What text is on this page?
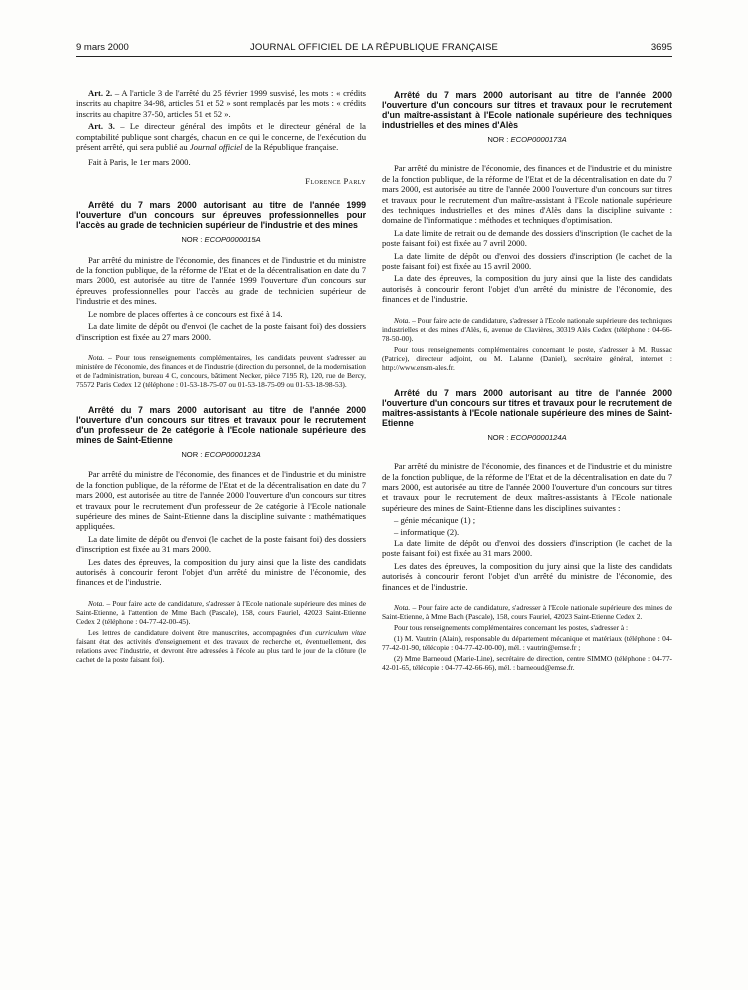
9 mars 2000	JOURNAL OFFICIEL DE LA RÉPUBLIQUE FRANÇAISE	3695

Art. 2. – A l'article 3 de l'arrêté du 25 février 1999 susvisé, les mots : « crédits inscrits au chapitre 34-98, articles 51 et 52 » sont remplacés par les mots : « crédits inscrits au chapitre 37-50, articles 51 et 52 ».

Art. 3. – Le directeur général des impôts et le directeur général de la comptabilité publique sont chargés, chacun en ce qui le concerne, de l'exécution du présent arrêté, qui sera publié au Journal officiel de la République française.

Fait à Paris, le 1er mars 2000.

Florence Parly

Arrêté du 7 mars 2000 autorisant au titre de l'année 1999 l'ouverture d'un concours sur épreuves professionnelles pour l'accès au grade de technicien supérieur de l'industrie et des mines

NOR : ECOP0000015A

Par arrêté du ministre de l'économie, des finances et de l'industrie et du ministre de la fonction publique, de la réforme de l'Etat et de la décentralisation en date du 7 mars 2000, est autorisée au titre de l'année 1999 l'ouverture d'un concours sur épreuves professionnelles pour l'accès au grade de technicien supérieur de l'industrie et des mines.

Le nombre de places offertes à ce concours est fixé à 14.

La date limite de dépôt ou d'envoi (le cachet de la poste faisant foi) des dossiers d'inscription est fixée au 27 mars 2000.

Nota. – Pour tous renseignements complémentaires, les candidats peuvent s'adresser au ministère de l'économie, des finances et de l'industrie (direction du personnel, de la modernisation et de l'administration, bureau 4 C, concours, bâtiment Necker, pièce 7195 R), 120, rue de Bercy, 75572 Paris Cedex 12 (téléphone : 01-53-18-75-07 ou 01-53-18-75-09 ou 01-53-18-98-53).

Arrêté du 7 mars 2000 autorisant au titre de l'année 2000 l'ouverture d'un concours sur titres et travaux pour le recrutement d'un professeur de 2e catégorie à l'Ecole nationale supérieure des mines de Saint-Etienne

NOR : ECOP0000123A

Par arrêté du ministre de l'économie, des finances et de l'industrie et du ministre de la fonction publique, de la réforme de l'Etat et de la décentralisation en date du 7 mars 2000, est autorisée au titre de l'année 2000 l'ouverture d'un concours sur titres et travaux pour le recrutement d'un professeur de 2e catégorie à l'Ecole nationale supérieure des mines de Saint-Etienne dans la discipline suivante : mathématiques appliquées.

La date limite de dépôt ou d'envoi (le cachet de la poste faisant foi) des dossiers d'inscription est fixée au 31 mars 2000.

Les dates des épreuves, la composition du jury ainsi que la liste des candidats autorisés à concourir feront l'objet d'un arrêté du ministre de l'économie, des finances et de l'industrie.

Nota. – Pour faire acte de candidature, s'adresser à l'Ecole nationale supérieure des mines de Saint-Etienne, à l'attention de Mme Bach (Pascale), 158, cours Fauriel, 42023 Saint-Etienne Cedex 2 (téléphone : 04-77-42-00-45).

Les lettres de candidature doivent être manuscrites, accompagnées d'un curriculum vitae faisant état des activités d'enseignement et des travaux de recherche et, éventuellement, des relations avec l'industrie, et devront être adressées à l'école au plus tard le jour de la clôture (le cachet de la poste faisant foi).

Arrêté du 7 mars 2000 autorisant au titre de l'année 2000 l'ouverture d'un concours sur titres et travaux pour le recrutement d'un maître-assistant à l'Ecole nationale supérieure des techniques industrielles et des mines d'Alès

NOR : ECOP0000173A

Par arrêté du ministre de l'économie, des finances et de l'industrie et du ministre de la fonction publique, de la réforme de l'Etat et de la décentralisation en date du 7 mars 2000, est autorisée au titre de l'année 2000 l'ouverture d'un concours sur titres et travaux pour le recrutement d'un maître-assistant à l'Ecole nationale supérieure des techniques industrielles et des mines d'Alès dans la discipline suivante : domaine de l'informatique : méthodes et techniques d'optimisation.

La date limite de retrait ou de demande des dossiers d'inscription (le cachet de la poste faisant foi) est fixée au 7 avril 2000.

La date limite de dépôt ou d'envoi des dossiers d'inscription (le cachet de la poste faisant foi) est fixée au 15 avril 2000.

La date des épreuves, la composition du jury ainsi que la liste des candidats autorisés à concourir feront l'objet d'un arrêté du ministre de l'économie, des finances et de l'industrie.

Nota. – Pour faire acte de candidature, s'adresser à l'Ecole nationale supérieure des techniques industrielles et des mines d'Alès, 6, avenue de Clavières, 30319 Alès Cedex (téléphone : 04-66-78-50-00).

Pour tous renseignements complémentaires concernant le poste, s'adresser à M. Russac (Patrice), directeur adjoint, ou M. Lalanne (Daniel), secrétaire général, internet : http://www.ensm-ales.fr.

Arrêté du 7 mars 2000 autorisant au titre de l'année 2000 l'ouverture d'un concours sur titres et travaux pour le recrutement de maîtres-assistants à l'Ecole nationale supérieure des mines de Saint-Etienne

NOR : ECOP0000124A

Par arrêté du ministre de l'économie, des finances et de l'industrie et du ministre de la fonction publique, de la réforme de l'Etat et de la décentralisation en date du 7 mars 2000, est autorisée au titre de l'année 2000 l'ouverture d'un concours sur titres et travaux pour le recrutement de deux maîtres-assistants à l'Ecole nationale supérieure des mines de Saint-Etienne dans les disciplines suivantes :

– génie mécanique (1) ;

– informatique (2).

La date limite de dépôt ou d'envoi des dossiers d'inscription (le cachet de la poste faisant foi) est fixée au 31 mars 2000.

Les dates des épreuves, la composition du jury ainsi que la liste des candidats autorisés à concourir feront l'objet d'un arrêté du ministre de l'économie, des finances et de l'industrie.

Nota. – Pour faire acte de candidature, s'adresser à l'Ecole nationale supérieure des mines de Saint-Etienne, à Mme Bach (Pascale), 158, cours Fauriel, 42023 Saint-Etienne Cedex 2.

Pour tous renseignements complémentaires concernant les postes, s'adresser à :

(1) M. Vautrin (Alain), responsable du département mécanique et matériaux (téléphone : 04-77-42-01-90, télécopie : 04-77-42-00-00), mél. : vautrin@emse.fr ;

(2) Mme Barneoud (Marie-Line), secrétaire de direction, centre SIMMO (téléphone : 04-77-42-01-65, télécopie : 04-77-42-66-66), mél. : barneoud@emse.fr.
